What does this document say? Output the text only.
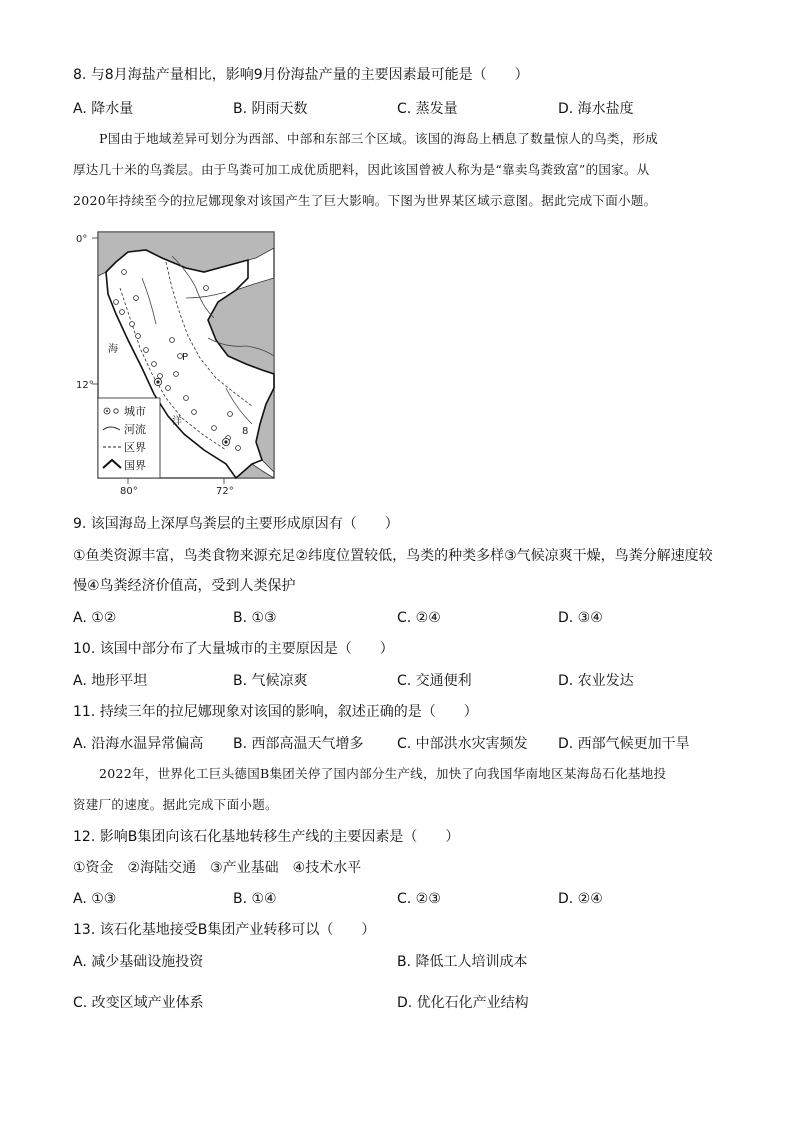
8. 与8月海盐产量相比，影响9月份海盐产量的主要因素最可能是（　　）
A. 降水量	B. 阴雨天数	C. 蒸发量	D. 海水盐度
P国由于地域差异可划分为西部、中部和东部三个区域。该国的海岛上栖息了数量惊人的鸟类，形成
厚达几十米的鸟粪层。由于鸟粪可加工成优质肥料，因此该国曾被人称为是“靠卖鸟粪致富”的国家。从
2020年持续至今的拉尼娜现象对该国产生了巨大影响。下图为世界某区域示意图。据此完成下面小题。
0°
12°
海
洋
P
8
城市
河流
区界
国界
80°	72°
9. 该国海岛上深厚鸟粪层的主要形成原因有（　　）
①鱼类资源丰富，鸟类食物来源充足②纬度位置较低，鸟类的种类多样③气候凉爽干燥，鸟粪分解速度较
慢④鸟粪经济价值高，受到人类保护
A. ①②	B. ①③	C. ②④	D. ③④
10. 该国中部分布了大量城市的主要原因是（　　）
A. 地形平坦	B. 气候凉爽	C. 交通便利	D. 农业发达
11. 持续三年的拉尼娜现象对该国的影响，叙述正确的是（　　）
A. 沿海水温异常偏高 B. 西部高温天气增多 C. 中部洪水灾害频发 D. 西部气候更加干旱
2022年，世界化工巨头德国B集团关停了国内部分生产线，加快了向我国华南地区某海岛石化基地投
资建厂的速度。据此完成下面小题。
12. 影响B集团向该石化基地转移生产线的主要因素是（　　）
①资金　②海陆交通　③产业基础　④技术水平
A. ①③	B. ①④	C. ②③	D. ②④
13. 该石化基地接受B集团产业转移可以（　　）
A. 减少基础设施投资	B. 降低工人培训成本
C. 改变区域产业体系	D. 优化石化产业结构
